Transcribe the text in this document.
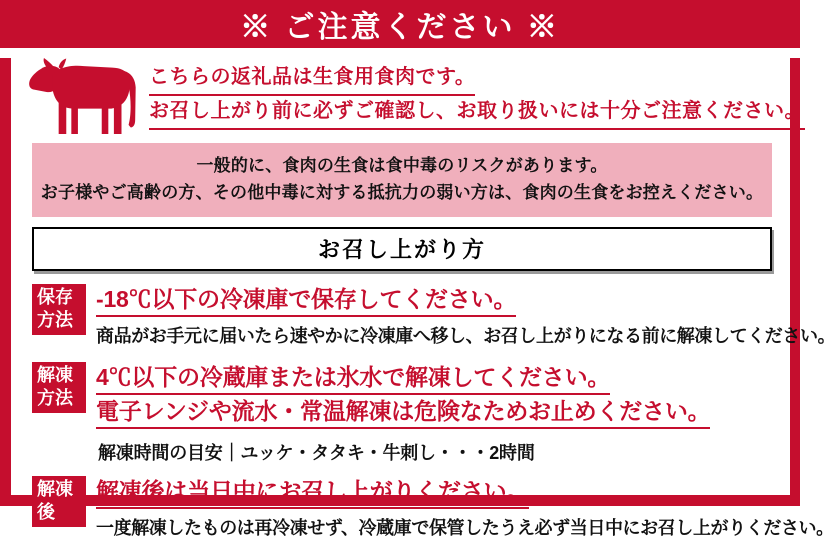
※ ご注意ください ※
こちらの返礼品は生食用食肉です。
お召し上がり前に必ずご確認し、お取り扱いには十分ご注意ください。
一般的に、食肉の生食は食中毒のリスクがあります。
お子様やご高齢の方、その他中毒に対する抵抗力の弱い方は、食肉の生食をお控えください。
お召し上がり方
保存
方法
-18℃以下の冷凍庫で保存してください。
商品がお手元に届いたら速やかに冷凍庫へ移し、お召し上がりになる前に解凍してください。
解凍
方法
4℃以下の冷蔵庫または氷水で解凍してください。
電子レンジや流水・常温解凍は危険なためお止めください。
解凍時間の目安｜ユッケ・タタキ・牛刺し・・・2時間
解凍
後
解凍後は当日中にお召し上がりください。
一度解凍したものは再冷凍せず、冷蔵庫で保管したうえ必ず当日中にお召し上がりください。
